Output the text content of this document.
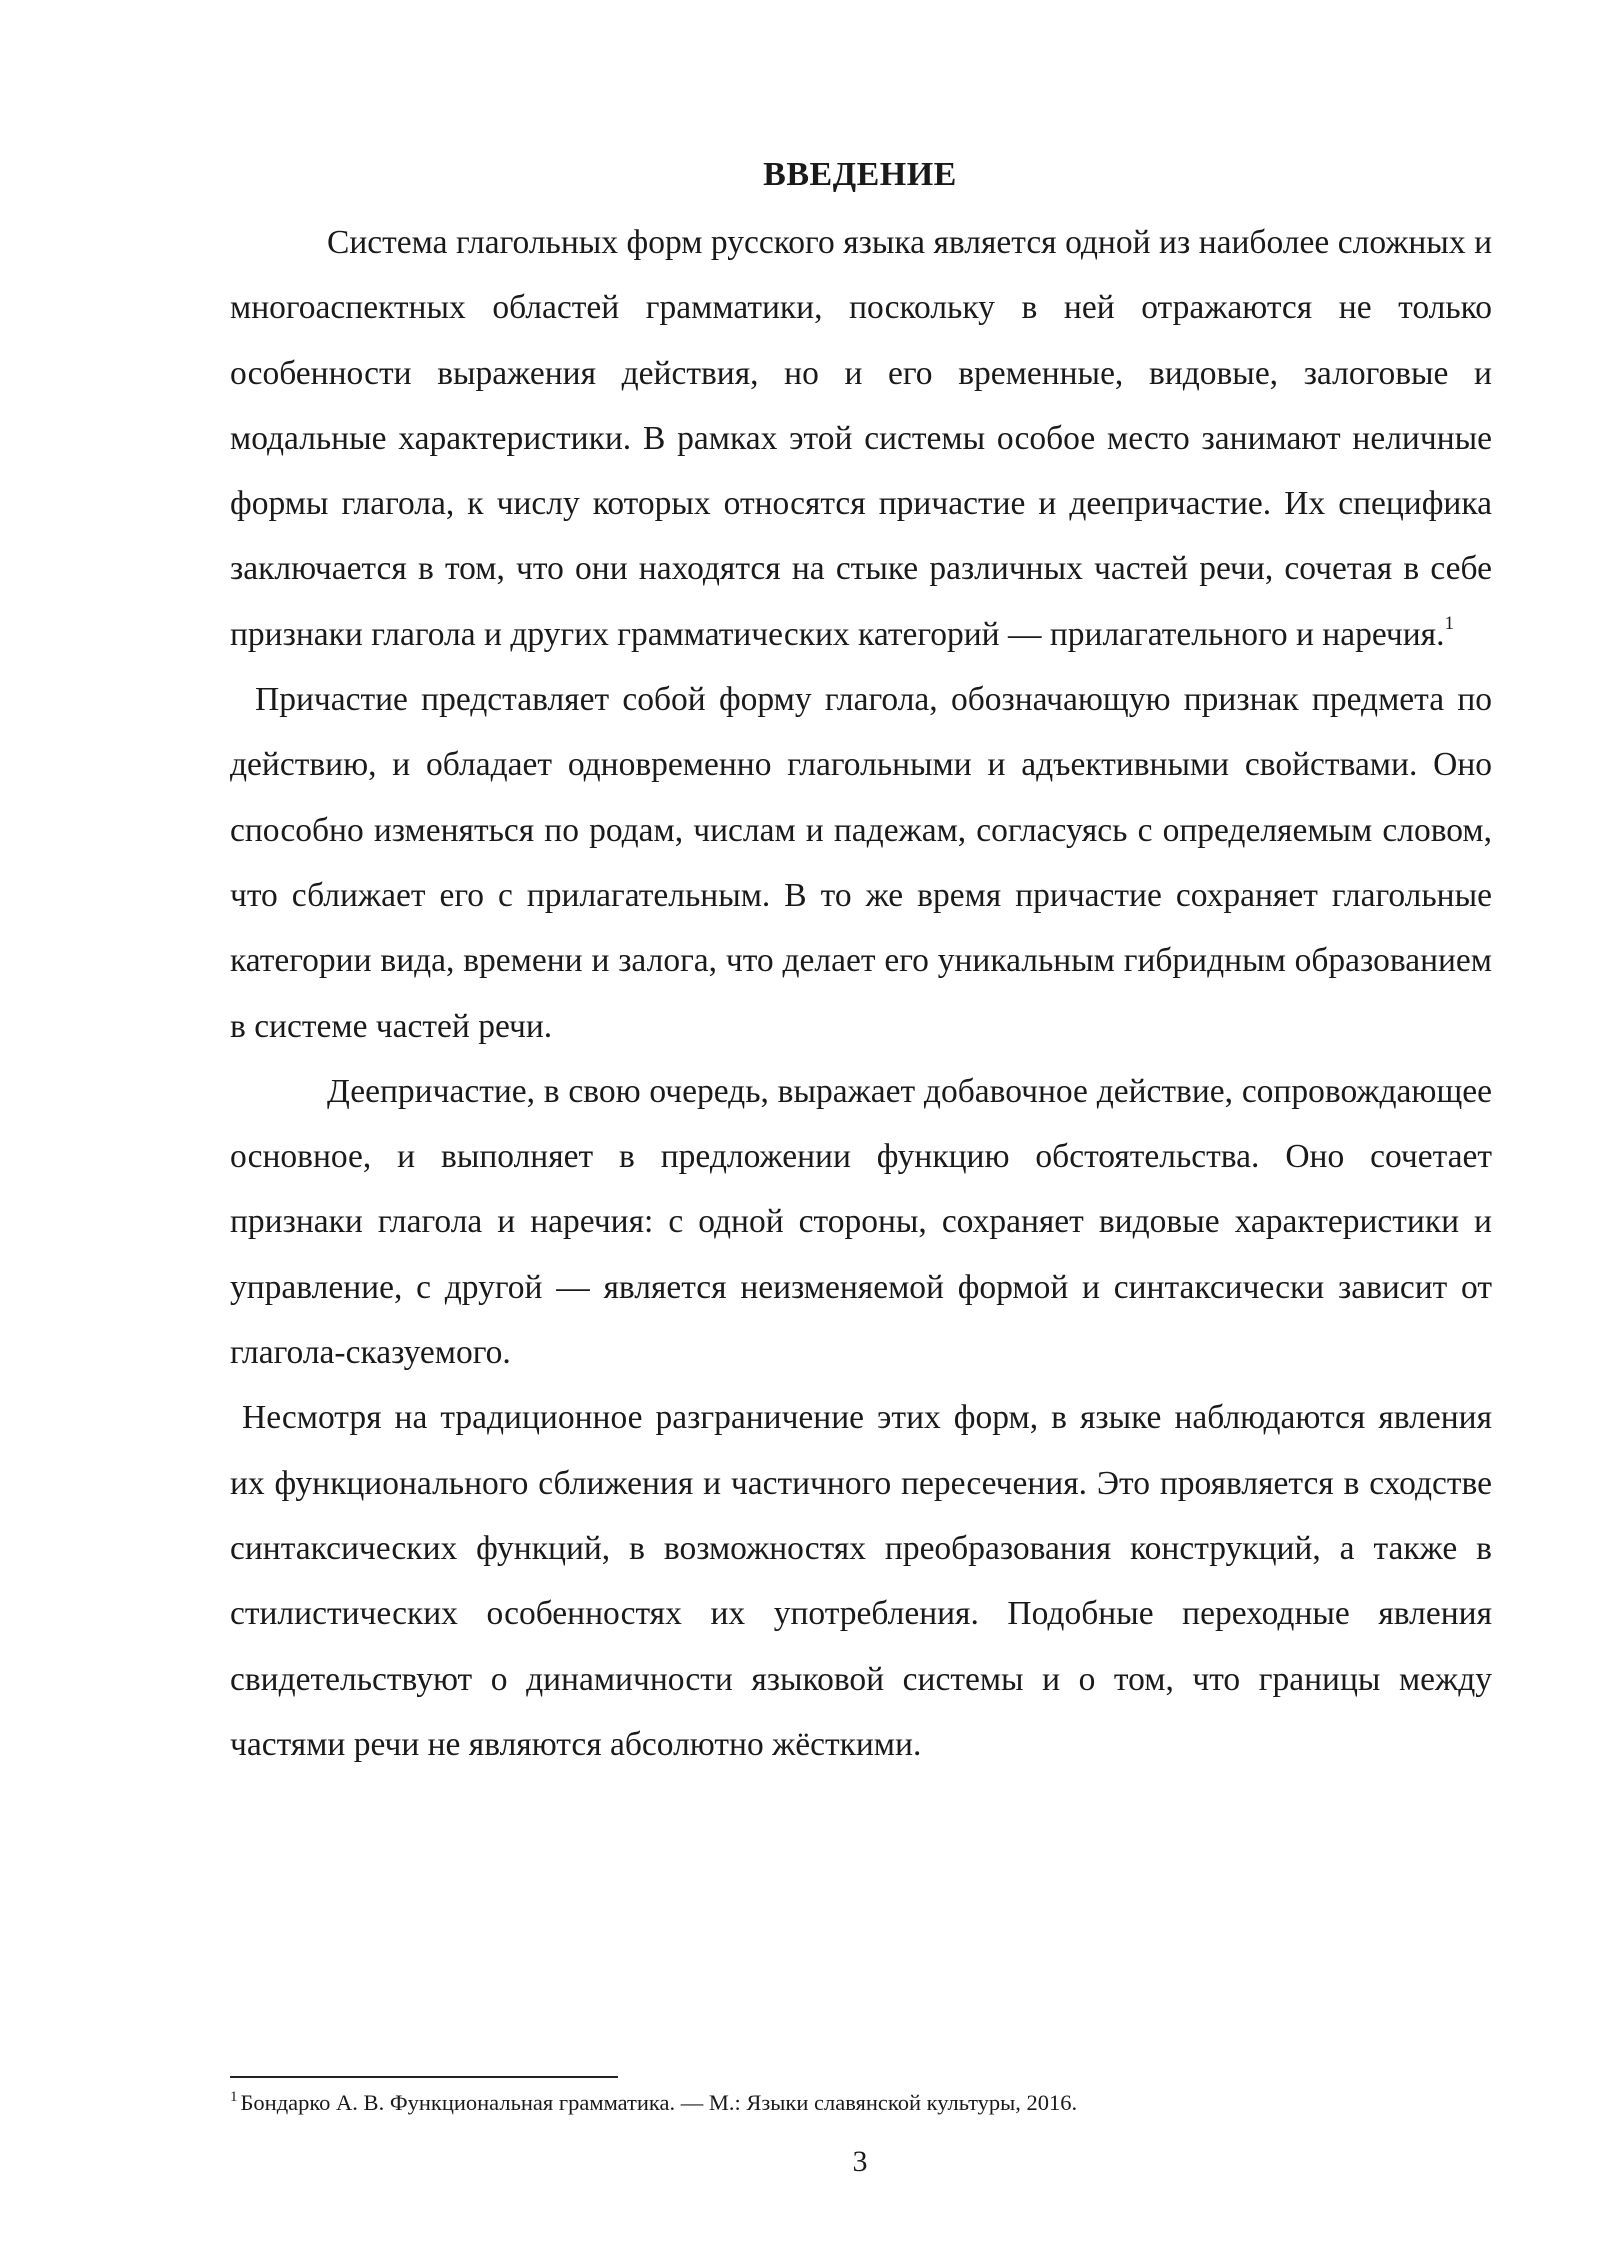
ВВЕДЕНИЕ

Система глагольных форм русского языка является одной из наиболее сложных и многоаспектных областей грамматики, поскольку в ней отражаются не только особенности выражения действия, но и его временные, видовые, залоговые и модальные характеристики. В рамках этой системы особое место занимают неличные формы глагола, к числу которых относятся причастие и деепричастие. Их специфика заключается в том, что они находятся на стыке различных частей речи, сочетая в себе признаки глагола и других грамматических категорий — прилагательного и наречия.$^1$

Причастие представляет собой форму глагола, обозначающую признак предмета по действию, и обладает одновременно глагольными и адъективными свойствами. Оно способно изменяться по родам, числам и падежам, согласуясь с определяемым словом, что сближает его с прилагательным. В то же время причастие сохраняет глагольные категории вида, времени и залога, что делает его уникальным гибридным образованием в системе частей речи.

Деепричастие, в свою очередь, выражает добавочное действие, сопровождающее основное, и выполняет в предложении функцию обстоятельства. Оно сочетает признаки глагола и наречия: с одной стороны, сохраняет видовые характеристики и управление, с другой — является неизменяемой формой и синтаксически зависит от глагола-сказуемого.

Несмотря на традиционное разграничение этих форм, в языке наблюдаются явления их функционального сближения и частичного пересечения. Это проявляется в сходстве синтаксических функций, в возможностях преобразования конструкций, а также в стилистических особенностях их употребления. Подобные переходные явления свидетельствуют о динамичности языковой системы и о том, что границы между частями речи не являются абсолютно жёсткими.

$^1$ Бондарко А. В. Функциональная грамматика. — М.: Языки славянской культуры, 2016.

3
